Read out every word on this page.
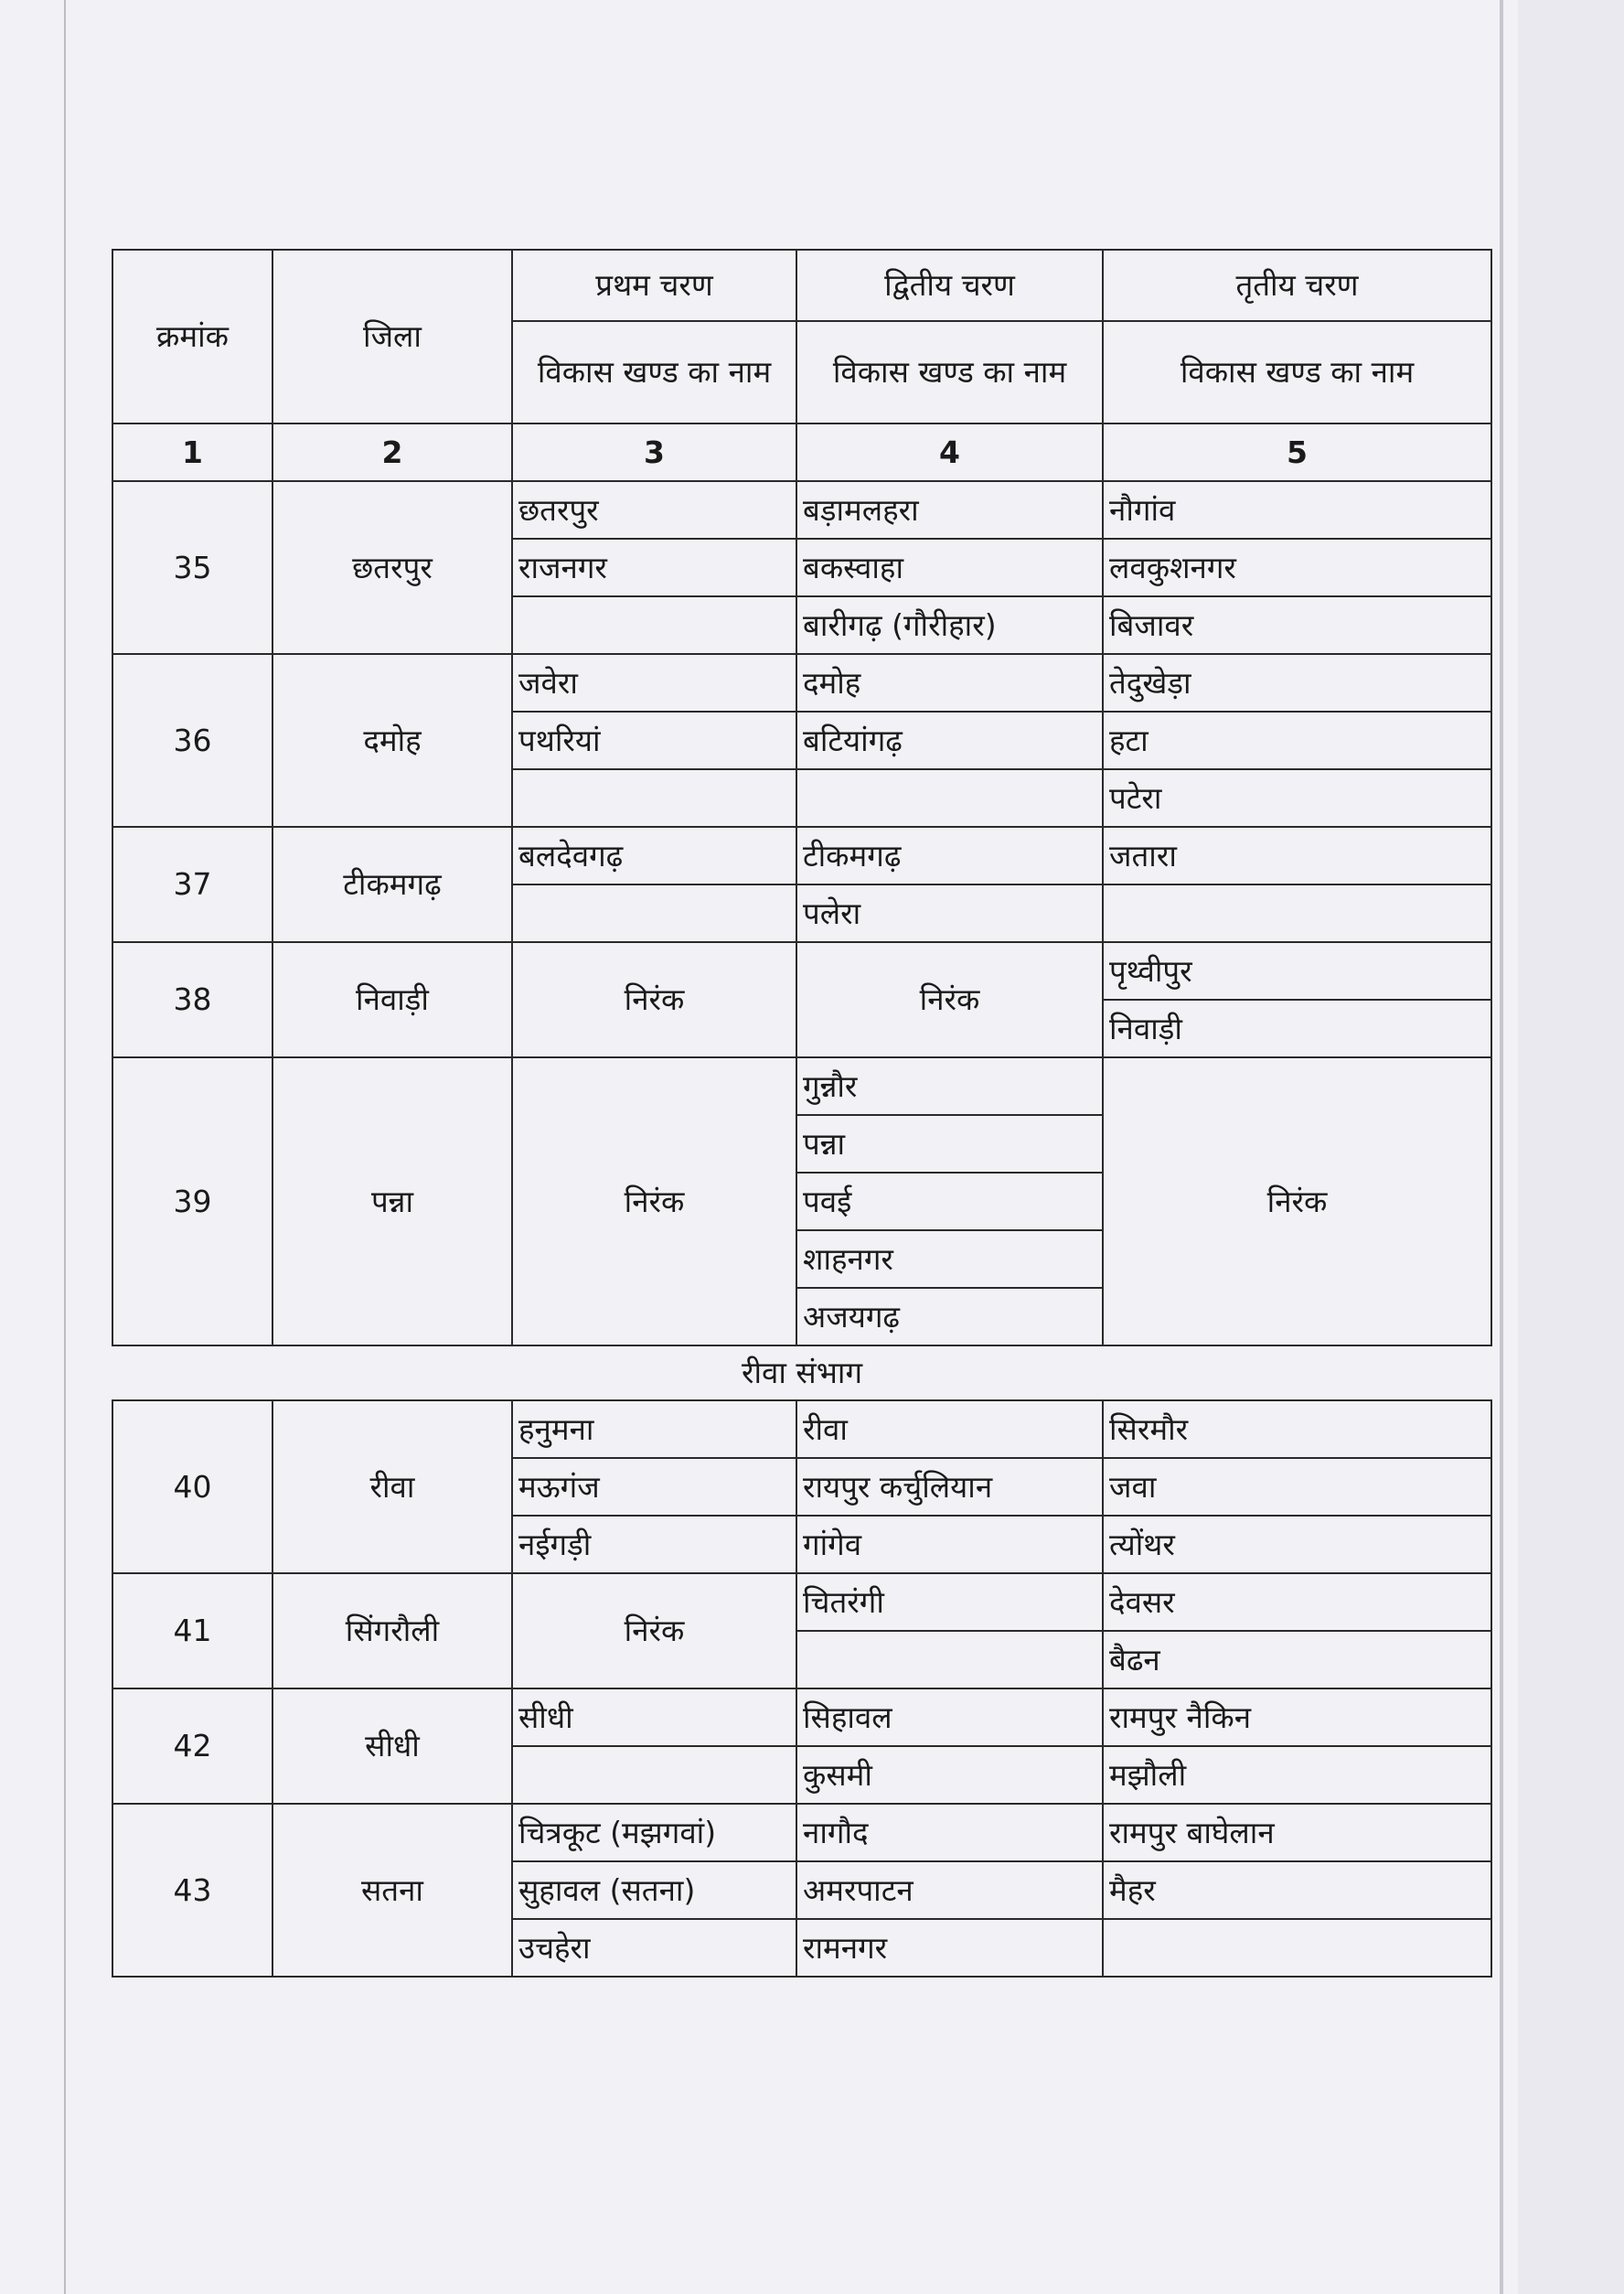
क्रमांक	जिला	प्रथम चरण	द्वितीय चरण	तृतीय चरण
		विकास खण्ड का नाम	विकास खण्ड का नाम	विकास खण्ड का नाम
1	2	3	4	5
35	छतरपुर	छतरपुर	बड़ामलहरा	नौगांव
		राजनगर	बकस्वाहा	लवकुशनगर
			बारीगढ़ (गौरीहार)	बिजावर
36	दमोह	जवेरा	दमोह	तेदुखेड़ा
		पथरियां	बटियांगढ़	हटा
				पटेरा
37	टीकमगढ़	बलदेवगढ़	टीकमगढ़	जतारा
			पलेरा	
38	निवाड़ी	निरंक	निरंक	पृथ्वीपुर
				निवाड़ी
39	पन्ना	निरंक	गुन्नौर	निरंक
			पन्ना	
			पवई	
			शाहनगर	
			अजयगढ़	
रीवा संभाग				
40	रीवा	हनुमना	रीवा	सिरमौर
		मऊगंज	रायपुर कर्चुलियान	जवा
		नईगड़ी	गांगेव	त्योंथर
41	सिंगरौली	निरंक	चितरंगी	देवसर
				बैढन
42	सीधी	सीधी	सिहावल	रामपुर नैकिन
			कुसमी	मझौली
43	सतना	चित्रकूट (मझगवां)	नागौद	रामपुर बाघेलान
		सुहावल (सतना)	अमरपाटन	मैहर
		उचहेरा	रामनगर	
